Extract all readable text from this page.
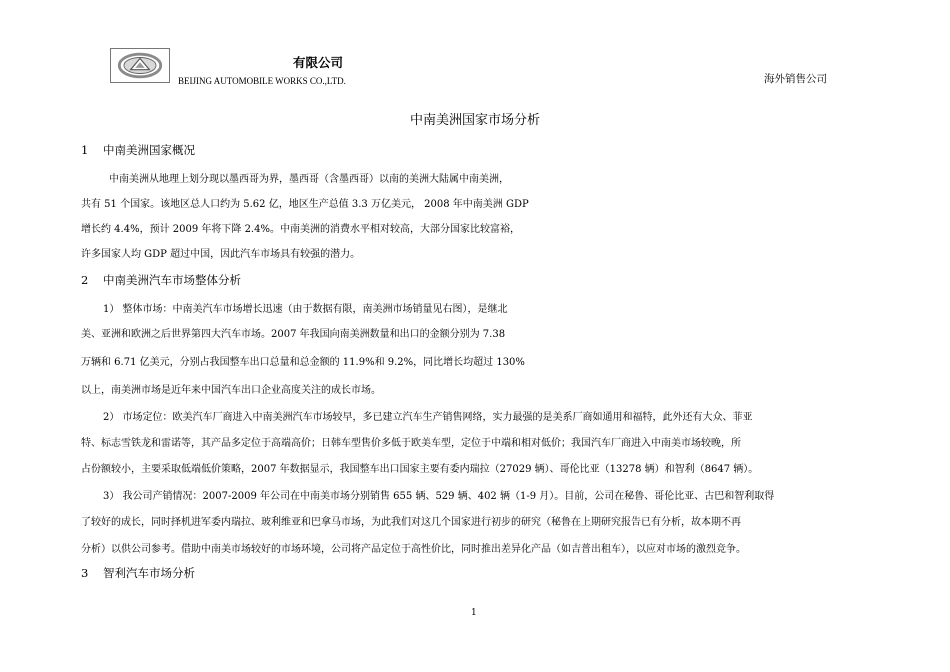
有限公司
BEIJING AUTOMOBILE WORKS CO.,LTD.	海外销售公司
中南美洲国家市场分析
1 中南美洲国家概况
中南美洲从地理上划分现以墨西哥为界，墨西哥（含墨西哥）以南的美洲大陆属中南美洲，
共有 51 个国家。该地区总人口约为 5.62 亿，地区生产总值 3.3 万亿美元， 2008 年中南美洲 GDP
增长约 4.4%，预计 2009 年将下降 2.4%。中南美洲的消费水平相对较高，大部分国家比较富裕，
许多国家人均 GDP 超过中国，因此汽车市场具有较强的潜力。
2 中南美洲汽车市场整体分析
1） 整体市场：中南美汽车市场增长迅速（由于数据有限，南美洲市场销量见右图），是继北
美、亚洲和欧洲之后世界第四大汽车市场。2007 年我国向南美洲数量和出口的金额分别为 7.38
万辆和 6.71 亿美元，分别占我国整车出口总量和总金额的 11.9%和 9.2%，同比增长均超过 130%
以上，南美洲市场是近年来中国汽车出口企业高度关注的成长市场。
2） 市场定位：欧美汽车厂商进入中南美洲汽车市场较早，多已建立汽车生产销售网络，实力最强的是美系厂商如通用和福特，此外还有大众、菲亚
特、标志雪铁龙和雷诺等，其产品多定位于高端高价；日韩车型售价多低于欧美车型，定位于中端和相对低价；我国汽车厂商进入中南美市场较晚，所
占份额较小，主要采取低端低价策略，2007 年数据显示，我国整车出口国家主要有委内瑞拉（27029 辆）、哥伦比亚（13278 辆）和智利（8647 辆）。
3） 我公司产销情况：2007-2009 年公司在中南美市场分别销售 655 辆、529 辆、402 辆（1-9 月）。目前，公司在秘鲁、哥伦比亚、古巴和智利取得
了较好的成长，同时择机进军委内瑞拉、玻利维亚和巴拿马市场，为此我们对这几个国家进行初步的研究（秘鲁在上期研究报告已有分析，故本期不再
分析）以供公司参考。借助中南美市场较好的市场环境，公司将产品定位于高性价比，同时推出差异化产品（如吉普出租车），以应对市场的激烈竞争。
3 智利汽车市场分析
1
